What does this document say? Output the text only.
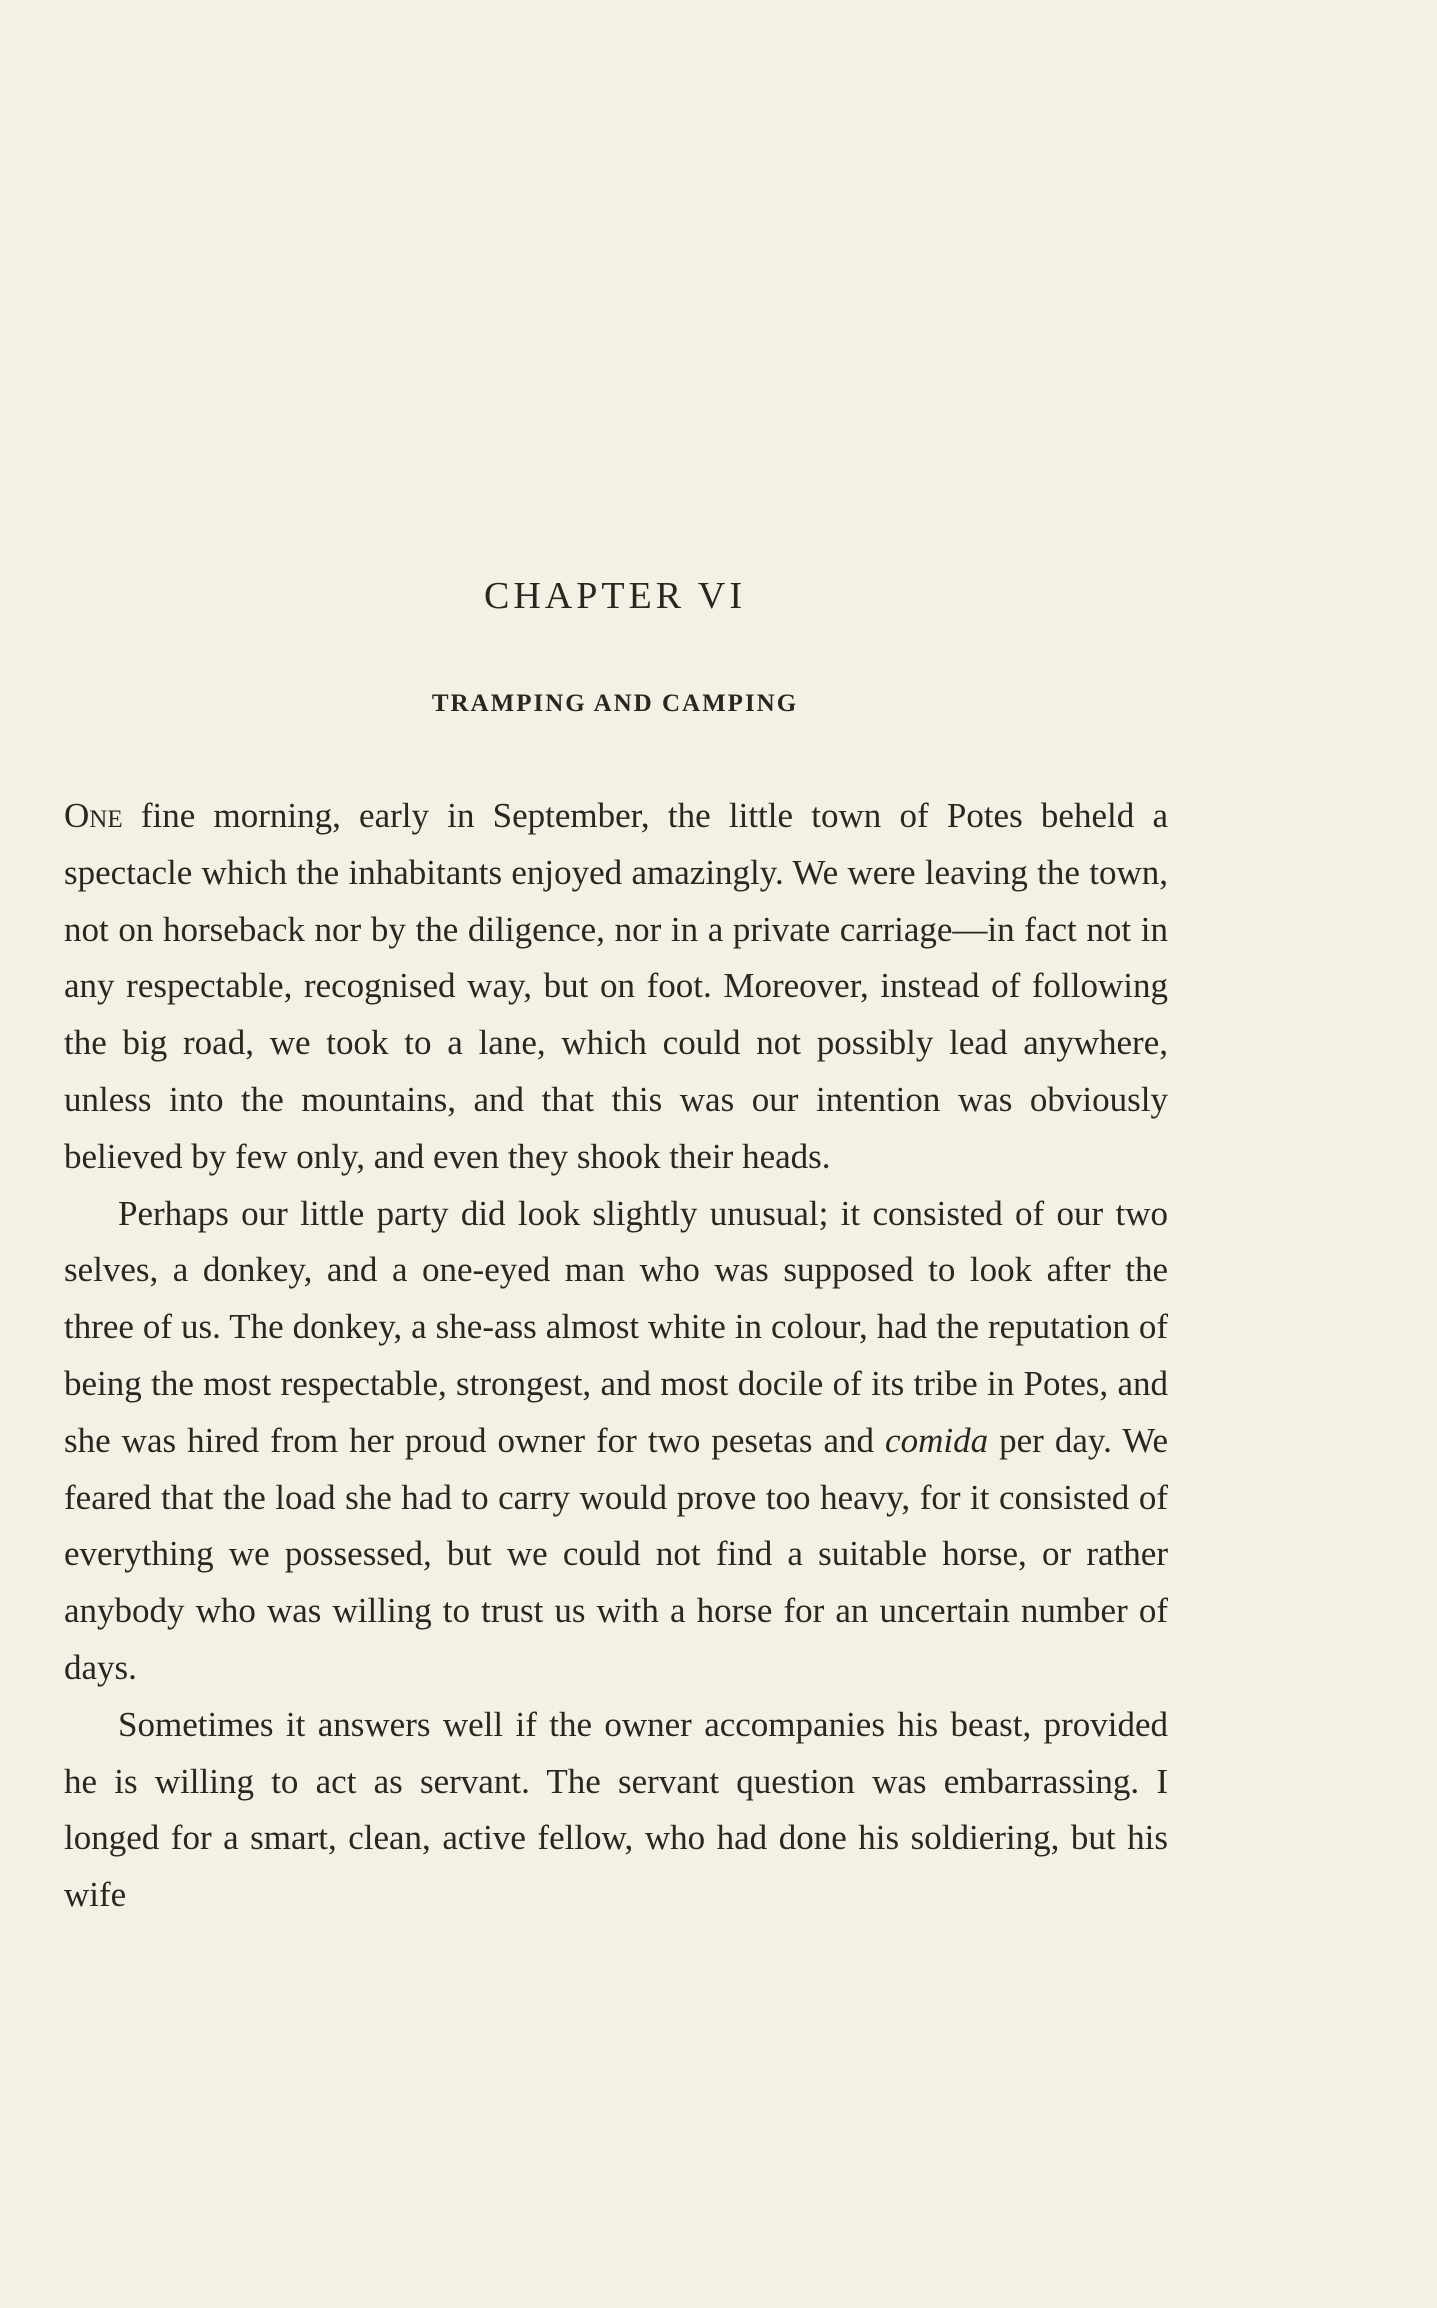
CHAPTER VI
TRAMPING AND CAMPING

One fine morning, early in September, the little town of Potes beheld a spectacle which the inhabitants enjoyed amazingly. We were leaving the town, not on horseback nor by the diligence, nor in a private carriage—in fact not in any respectable, recognised way, but on foot. Moreover, instead of following the big road, we took to a lane, which could not possibly lead anywhere, unless into the mountains, and that this was our intention was obviously believed by few only, and even they shook their heads.

Perhaps our little party did look slightly unusual; it consisted of our two selves, a donkey, and a one-eyed man who was supposed to look after the three of us. The donkey, a she-ass almost white in colour, had the reputation of being the most respectable, strongest, and most docile of its tribe in Potes, and she was hired from her proud owner for two pesetas and comida per day. We feared that the load she had to carry would prove too heavy, for it consisted of everything we possessed, but we could not find a suitable horse, or rather anybody who was willing to trust us with a horse for an uncertain number of days.

Sometimes it answers well if the owner accompanies his beast, provided he is willing to act as servant. The servant question was embarrassing. I longed for a smart, clean, active fellow, who had done his soldiering, but his wife
